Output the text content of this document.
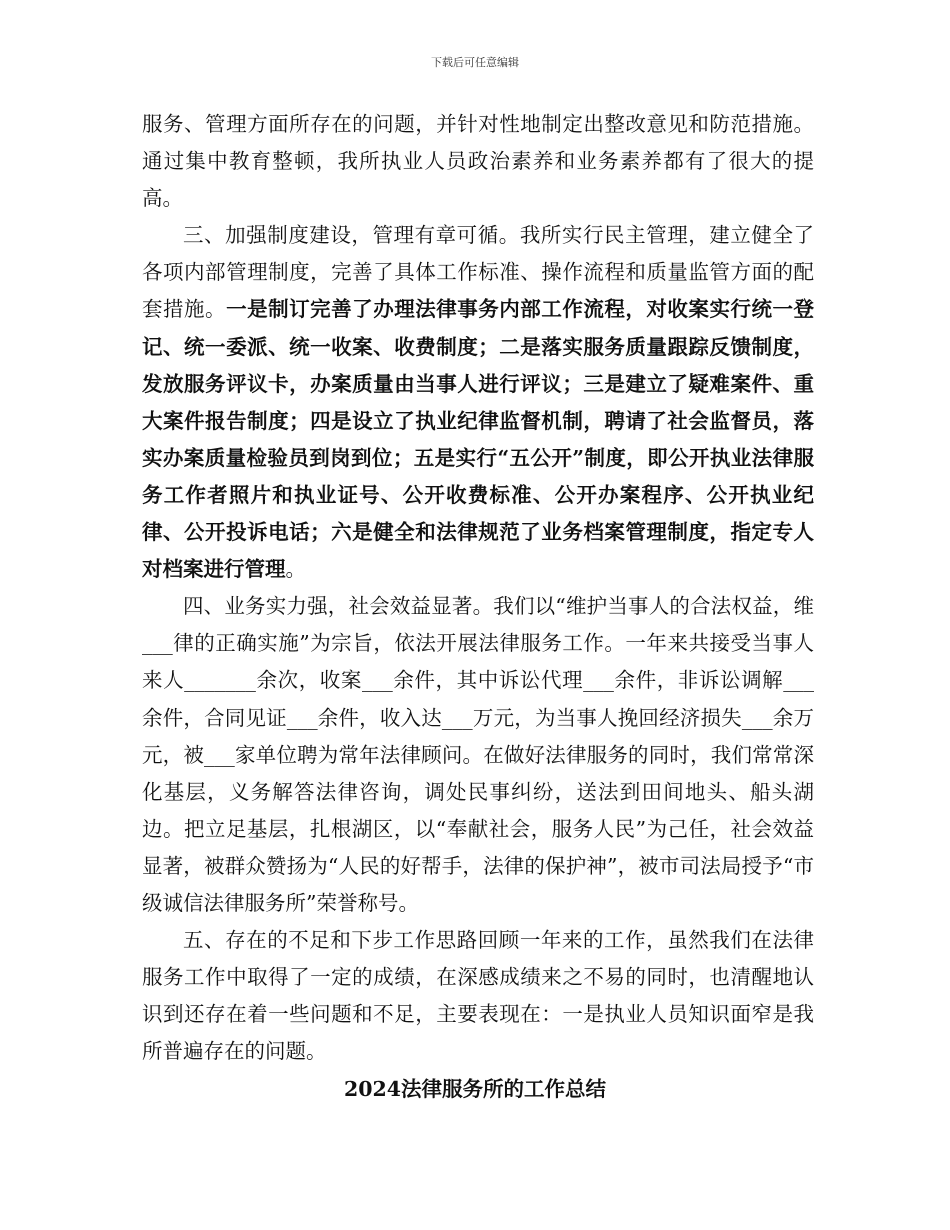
下载后可任意编辑

服务、管理方面所存在的问题，并针对性地制定出整改意见和防范措施。通过集中教育整顿，我所执业人员政治素养和业务素养都有了很大的提高。

三、加强制度建设，管理有章可循。我所实行民主管理，建立健全了各项内部管理制度，完善了具体工作标准、操作流程和质量监管方面的配套措施。一是制订完善了办理法律事务内部工作流程，对收案实行统一登记、统一委派、统一收案、收费制度；二是落实服务质量跟踪反馈制度，发放服务评议卡，办案质量由当事人进行评议；三是建立了疑难案件、重大案件报告制度；四是设立了执业纪律监督机制，聘请了社会监督员，落实办案质量检验员到岗到位；五是实行“五公开”制度，即公开执业法律服务工作者照片和执业证号、公开收费标准、公开办案程序、公开执业纪律、公开投诉电话；六是健全和法律规范了业务档案管理制度，指定专人对档案进行管理。

四、业务实力强，社会效益显著。我们以“维护当事人的合法权益，维___律的正确实施”为宗旨，依法开展法律服务工作。一年来共接受当事人来人_______余次，收案___余件，其中诉讼代理___余件，非诉讼调解___余件，合同见证___余件，收入达___万元，为当事人挽回经济损失___余万元，被___家单位聘为常年法律顾问。在做好法律服务的同时，我们常常深化基层，义务解答法律咨询，调处民事纠纷，送法到田间地头、船头湖边。把立足基层，扎根湖区，以“奉献社会，服务人民”为己任，社会效益显著，被群众赞扬为“人民的好帮手，法律的保护神”，被市司法局授予“市级诚信法律服务所”荣誉称号。

五、存在的不足和下步工作思路回顾一年来的工作，虽然我们在法律服务工作中取得了一定的成绩，在深感成绩来之不易的同时，也清醒地认识到还存在着一些问题和不足，主要表现在：一是执业人员知识面窄是我所普遍存在的问题。

2024法律服务所的工作总结
